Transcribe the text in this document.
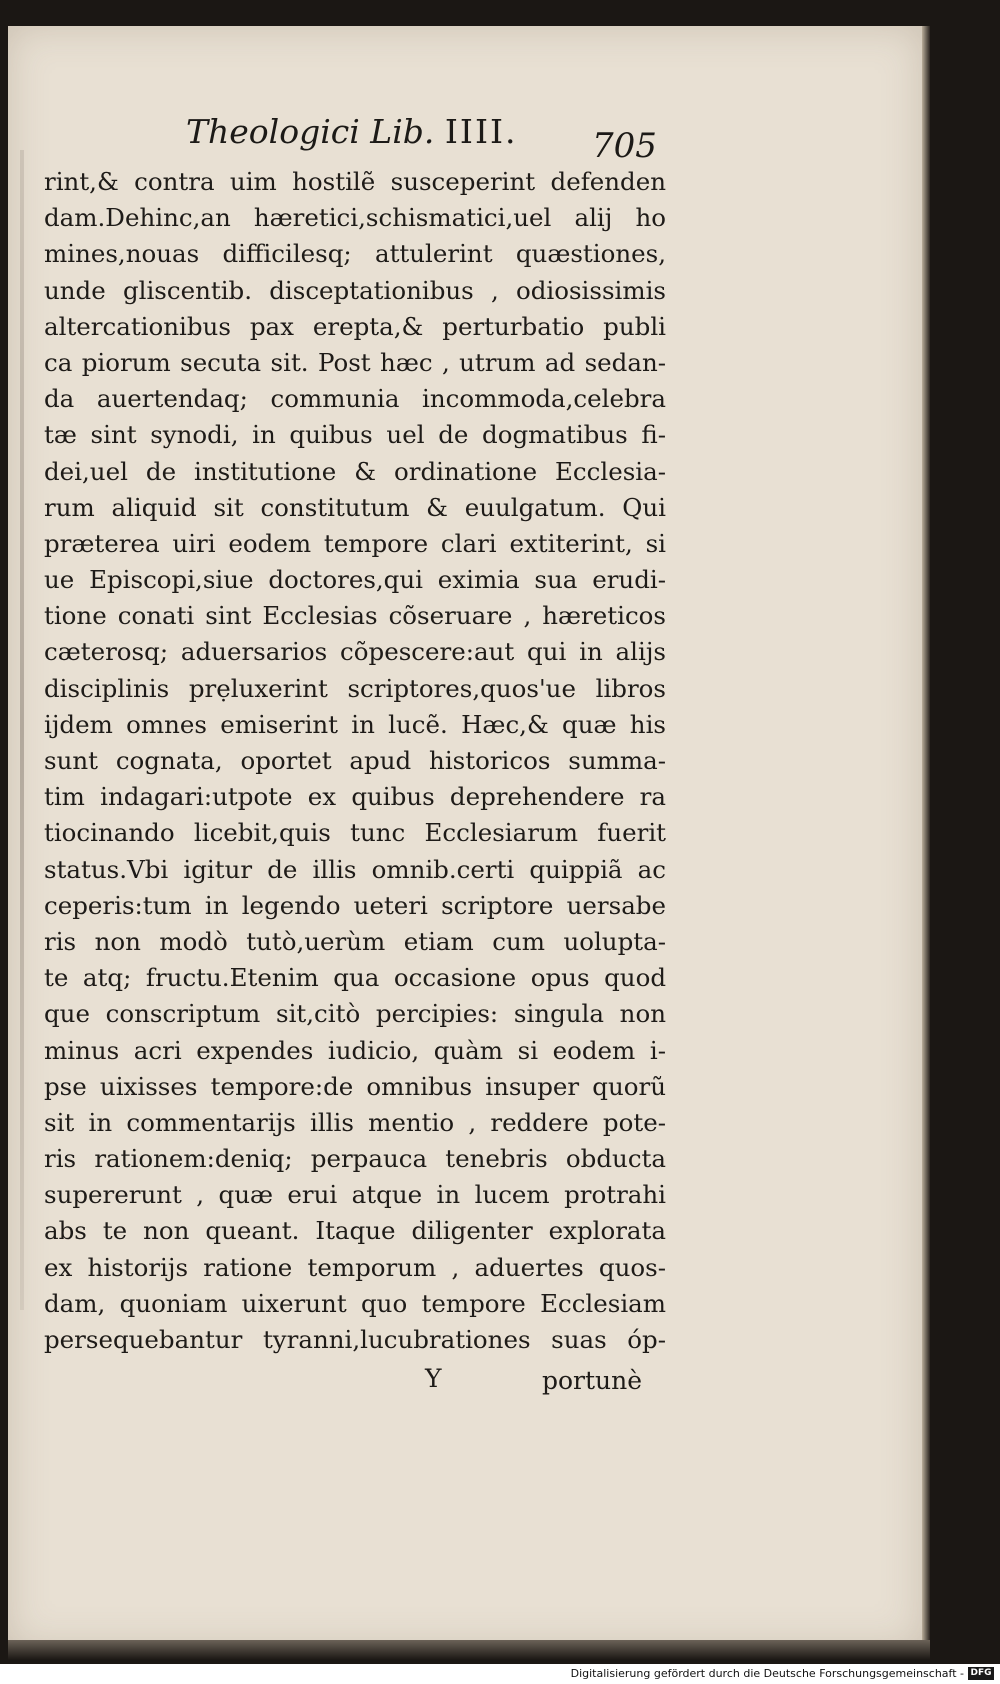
Theologici Lib. IIII.	705
rint,& contra uim hostilẽ susceperint defenden
dam.Dehinc,an hæretici,schismatici,uel alij ho
mines,nouas difficilesq; attulerint quæstiones,
unde gliscentib. disceptationibus , odiosissimis
altercationibus pax erepta,& perturbatio publi
ca piorum secuta sit. Post hæc , utrum ad sedan-
da auertendaq; communia incommoda,celebra
tæ sint synodi, in quibus uel de dogmatibus fi-
dei,uel de institutione & ordinatione Ecclesia-
rum aliquid sit constitutum & euulgatum. Qui
præterea uiri eodem tempore clari extiterint, si
ue Episcopi,siue doctores,qui eximia sua erudi-
tione conati sint Ecclesias cõseruare , hæreticos
cæterosq; aduersarios cõpescere:aut qui in alijs
disciplinis prẹluxerint scriptores,quos'ue libros
ijdem omnes emiserint in lucẽ. Hæc,& quæ his
sunt cognata, oportet apud historicos summa-
tim indagari:utpote ex quibus deprehendere ra
tiocinando licebit,quis tunc Ecclesiarum fuerit
status.Vbi igitur de illis omnib.certi quippiã ac
ceperis:tum in legendo ueteri scriptore uersabe
ris non modò tutò,uerùm etiam cum uolupta-
te atq; fructu.Etenim qua occasione opus quod
que conscriptum sit,citò percipies: singula non
minus acri expendes iudicio, quàm si eodem i-
pse uixisses tempore:de omnibus insuper quorũ
sit in commentarijs illis mentio , reddere pote-
ris rationem:deniq; perpauca tenebris obducta
supererunt , quæ erui atque in lucem protrahi
abs te non queant. Itaque diligenter explorata
ex historijs ratione temporum , aduertes quos-
dam, quoniam uixerunt quo tempore Ecclesiam
persequebantur tyranni,lucubrationes suas óp-
Y	portunè
Digitalisierung gefördert durch die Deutsche Forschungsgemeinschaft - DFG
